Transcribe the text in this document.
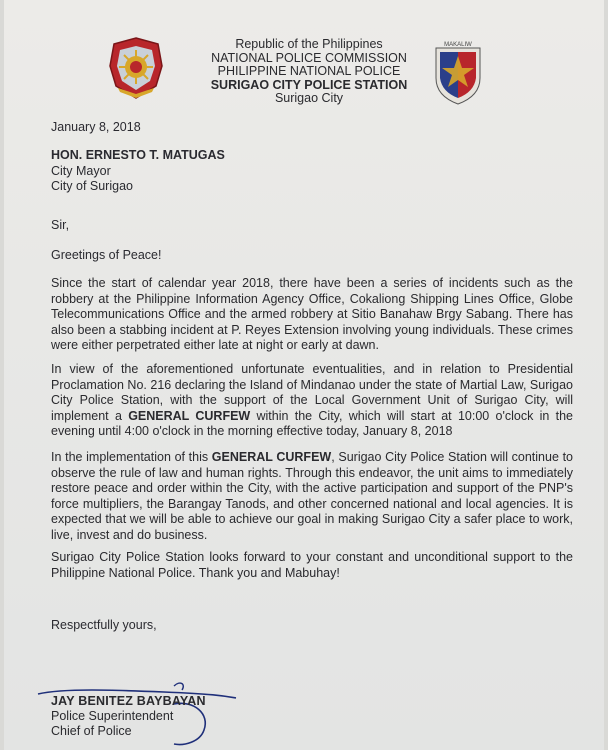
Republic of the Philippines
NATIONAL POLICE COMMISSION
PHILIPPINE NATIONAL POLICE
SURIGAO CITY POLICE STATION
Surigao City
MAKALIW
January 8, 2018
HON. ERNESTO T. MATUGAS
City Mayor
City of Surigao
Sir,
Greetings of Peace!
Since the start of calendar year 2018, there have been a series of incidents such as the robbery at the Philippine Information Agency Office, Cokaliong Shipping Lines Office, Globe Telecommunications Office and the armed robbery at Sitio Banahaw Brgy Sabang. There has also been a stabbing incident at P. Reyes Extension involving young individuals. These crimes were either perpetrated either late at night or early at dawn.
In view of the aforementioned unfortunate eventualities, and in relation to Presidential Proclamation No. 216 declaring the Island of Mindanao under the state of Martial Law, Surigao City Police Station, with the support of the Local Government Unit of Surigao City, will implement a GENERAL CURFEW within the City, which will start at 10:00 o'clock in the evening until 4:00 o'clock in the morning effective today, January 8, 2018
In the implementation of this GENERAL CURFEW, Surigao City Police Station will continue to observe the rule of law and human rights. Through this endeavor, the unit aims to immediately restore peace and order within the City, with the active participation and support of the PNP's force multipliers, the Barangay Tanods, and other concerned national and local agencies. It is expected that we will be able to achieve our goal in making Surigao City a safer place to work, live, invest and do business.
Surigao City Police Station looks forward to your constant and unconditional support to the Philippine National Police. Thank you and Mabuhay!
Respectfully yours,
JAY BENITEZ BAYBAYAN
Police Superintendent
Chief of Police
